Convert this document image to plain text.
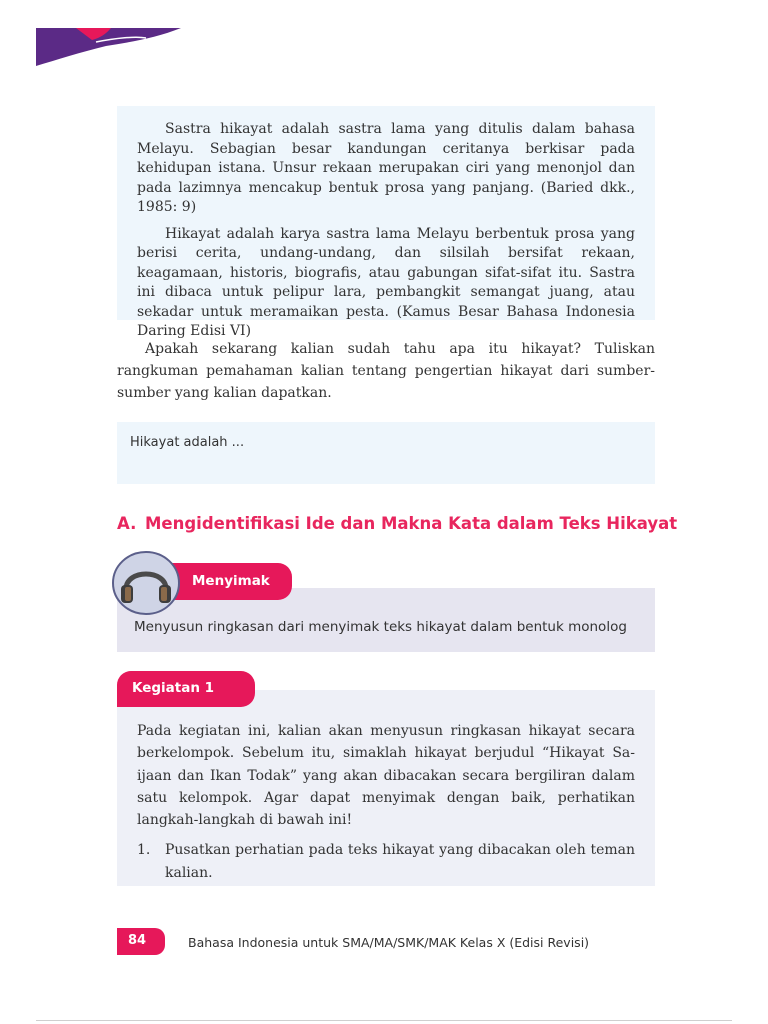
Sastra hikayat adalah sastra lama yang ditulis dalam bahasa Melayu. Sebagian besar kandungan ceritanya berkisar pada kehidupan istana. Unsur rekaan merupakan ciri yang menonjol dan pada lazimnya mencakup bentuk prosa yang panjang. (Baried dkk., 1985: 9)

Hikayat adalah karya sastra lama Melayu berbentuk prosa yang berisi cerita, undang-undang, dan silsilah bersifat rekaan, keagamaan, historis, biografis, atau gabungan sifat-sifat itu. Sastra ini dibaca untuk pelipur lara, pembangkit semangat juang, atau sekadar untuk meramaikan pesta. (Kamus Besar Bahasa Indonesia Daring Edisi VI)

Apakah sekarang kalian sudah tahu apa itu hikayat? Tuliskan rangkuman pemahaman kalian tentang pengertian hikayat dari sumber-sumber yang kalian dapatkan.

Hikayat adalah ...
A. Mengidentifikasi Ide dan Makna Kata dalam Teks Hikayat
Menyimak
Menyusun ringkasan dari menyimak teks hikayat dalam bentuk monolog

Pada kegiatan ini, kalian akan menyusun ringkasan hikayat secara berkelompok. Sebelum itu, simaklah hikayat berjudul “Hikayat Sa-ijaan dan Ikan Todak” yang akan dibacakan secara bergiliran dalam satu kelompok. Agar dapat menyimak dengan baik, perhatikan langkah-langkah di bawah ini!

1.	Pusatkan perhatian pada teks hikayat yang dibacakan oleh teman kalian.
Kegiatan 1
84	Bahasa Indonesia untuk SMA/MA/SMK/MAK Kelas X (Edisi Revisi)
